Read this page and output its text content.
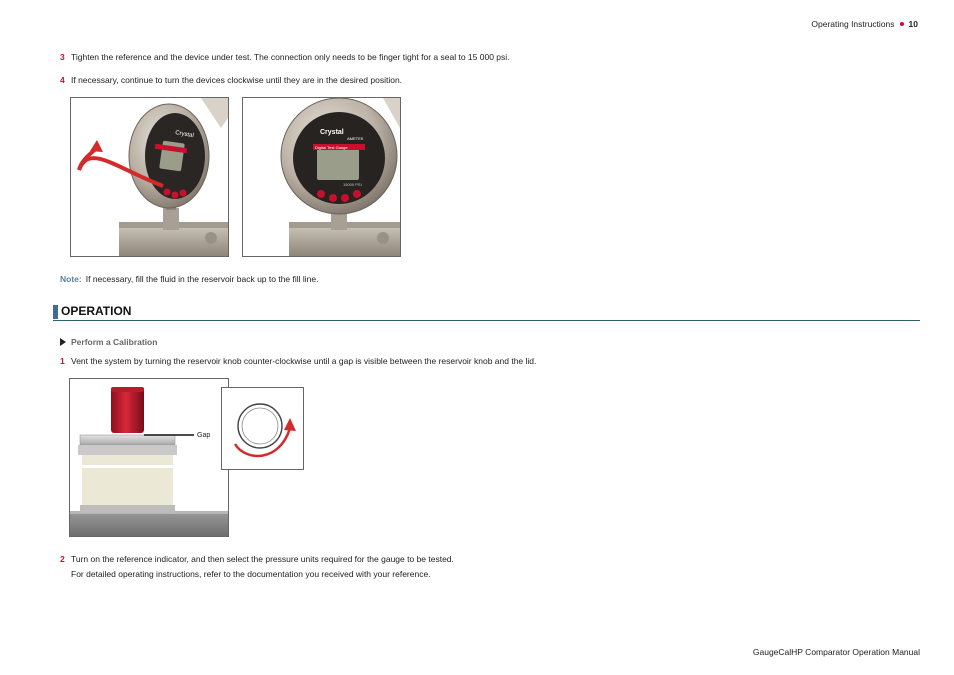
Operating Instructions 10
3 Tighten the reference and the device under test. The connection only needs to be finger tight for a seal to 15 000 psi.
4 If necessary, continue to turn the devices clockwise until they are in the desired position.
Crystal	Crystal
Digital Test Gauge
AMETEK
15000 PSI
Note: If necessary, fill the fluid in the reservoir back up to the fill line.
OPERATION
Perform a Calibration
1 Vent the system by turning the reservoir knob counter-clockwise until a gap is visible between the reservoir knob and the lid.
Gap
2 Turn on the reference indicator, and then select the pressure units required for the gauge to be tested.
For detailed operating instructions, refer to the documentation you received with your reference.
GaugeCalHP Comparator Operation Manual
